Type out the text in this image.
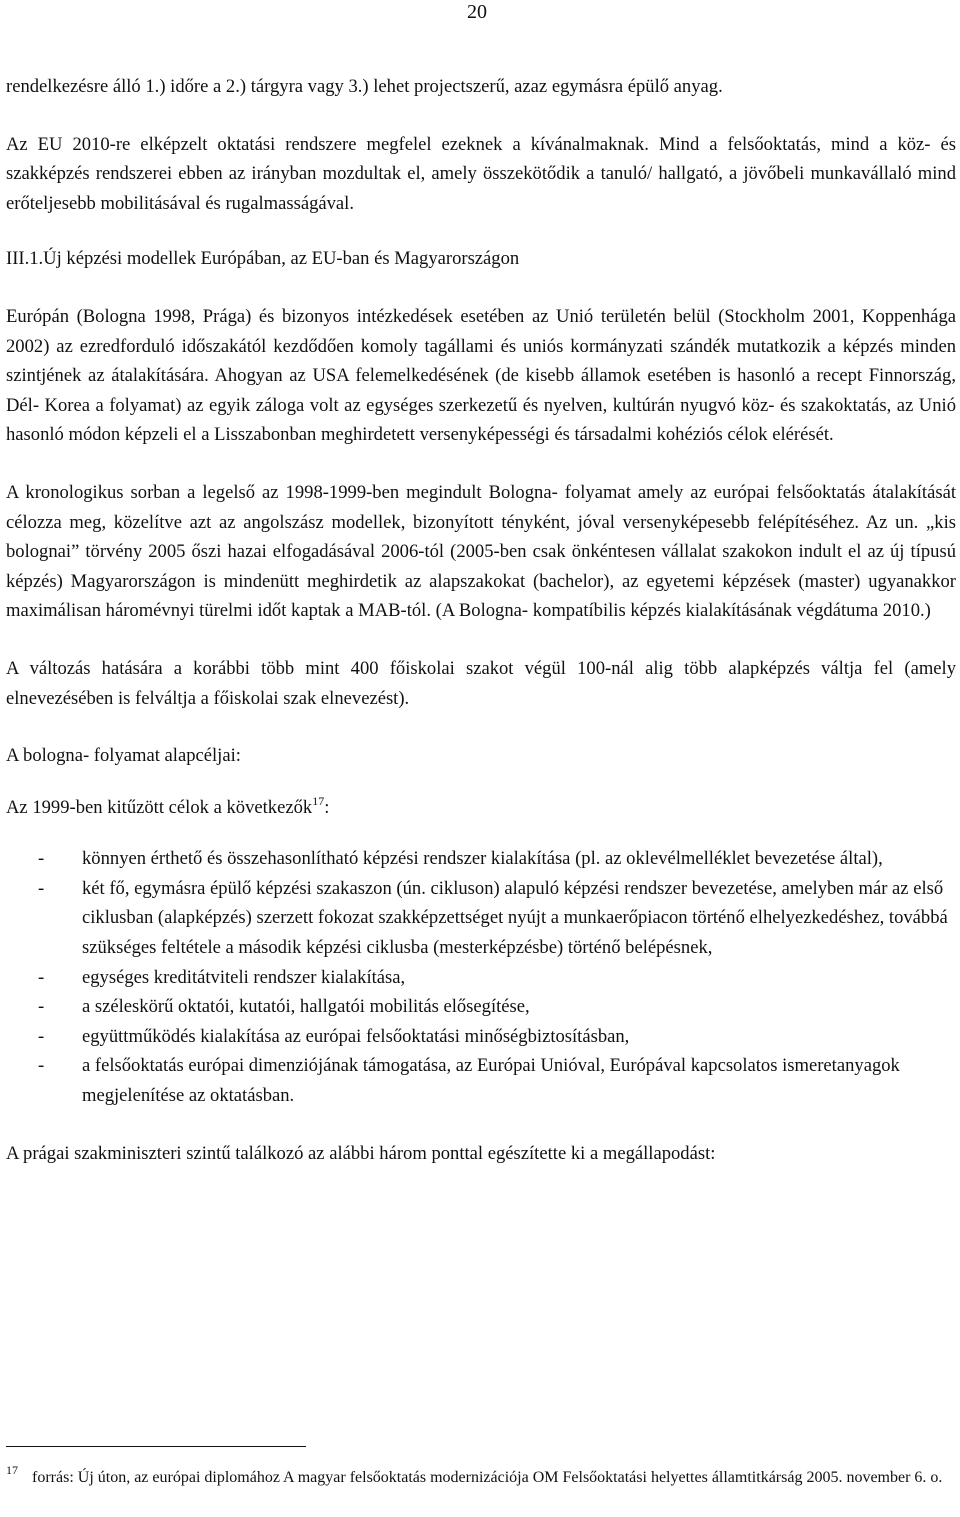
20

rendelkezésre álló 1.) időre a 2.) tárgyra vagy 3.) lehet projectszerű, azaz egymásra épülő anyag.

Az EU 2010-re elképzelt oktatási rendszere megfelel ezeknek a kívánalmaknak. Mind a felsőoktatás, mind a köz- és szakképzés rendszerei ebben az irányban mozdultak el, amely összekötődik a tanuló/ hallgató, a jövőbeli munkavállaló mind erőteljesebb mobilitásával és rugalmasságával.

III.1.Új képzési modellek Európában, az EU-ban és Magyarországon

Európán (Bologna 1998, Prága) és bizonyos intézkedések esetében az Unió területén belül (Stockholm 2001, Koppenhága 2002) az ezredforduló időszakától kezdődően komoly tagállami és uniós kormányzati szándék mutatkozik a képzés minden szintjének az átalakítására. Ahogyan az USA felemelkedésének (de kisebb államok esetében is hasonló a recept Finnország, Dél- Korea a folyamat) az egyik záloga volt az egységes szerkezetű és nyelven, kultúrán nyugvó köz- és szakoktatás, az Unió hasonló módon képzeli el a Lisszabonban meghirdetett versenyképességi és társadalmi kohéziós célok elérését.

A kronologikus sorban a legelső az 1998-1999-ben megindult Bologna- folyamat amely az európai felsőoktatás átalakítását célozza meg, közelítve azt az angolszász modellek, bizonyított tényként, jóval versenyképesebb felépítéséhez. Az un. „kis bolognai” törvény 2005 őszi hazai elfogadásával 2006-tól (2005-ben csak önkéntesen vállalat szakokon indult el az új típusú képzés) Magyarországon is mindenütt meghirdetik az alapszakokat (bachelor), az egyetemi képzések (master) ugyanakkor maximálisan háromévnyi türelmi időt kaptak a MAB-tól. (A Bologna- kompatíbilis képzés kialakításának végdátuma 2010.)

A változás hatására a korábbi több mint 400 főiskolai szakot végül 100-nál alig több alapképzés váltja fel (amely elnevezésében is felváltja a főiskolai szak elnevezést).

A bologna- folyamat alapcéljai:

Az 1999-ben kitűzött célok a következők$^{17}$:

- könnyen érthető és összehasonlítható képzési rendszer kialakítása (pl. az oklevélmelléklet bevezetése által),
- két fő, egymásra épülő képzési szakaszon (ún. cikluson) alapuló képzési rendszer bevezetése, amelyben már az első ciklusban (alapképzés) szerzett fokozat szakképzettséget nyújt a munkaerőpiacon történő elhelyezkedéshez, továbbá szükséges feltétele a második képzési ciklusba (mesterképzésbe) történő belépésnek,
- egységes kreditátviteli rendszer kialakítása,
- a széleskörű oktatói, kutatói, hallgatói mobilitás elősegítése,
- együttműködés kialakítása az európai felsőoktatási minőségbiztosításban,
- a felsőoktatás európai dimenziójának támogatása, az Európai Unióval, Európával kapcsolatos ismeretanyagok megjelenítése az oktatásban.

A prágai szakminiszteri szintű találkozó az alábbi három ponttal egészítette ki a megállapodást:

$^{17}$ forrás: Új úton, az európai diplomához A magyar felsőoktatás modernizációja OM Felsőoktatási helyettes államtitkárság 2005. november 6. o.
